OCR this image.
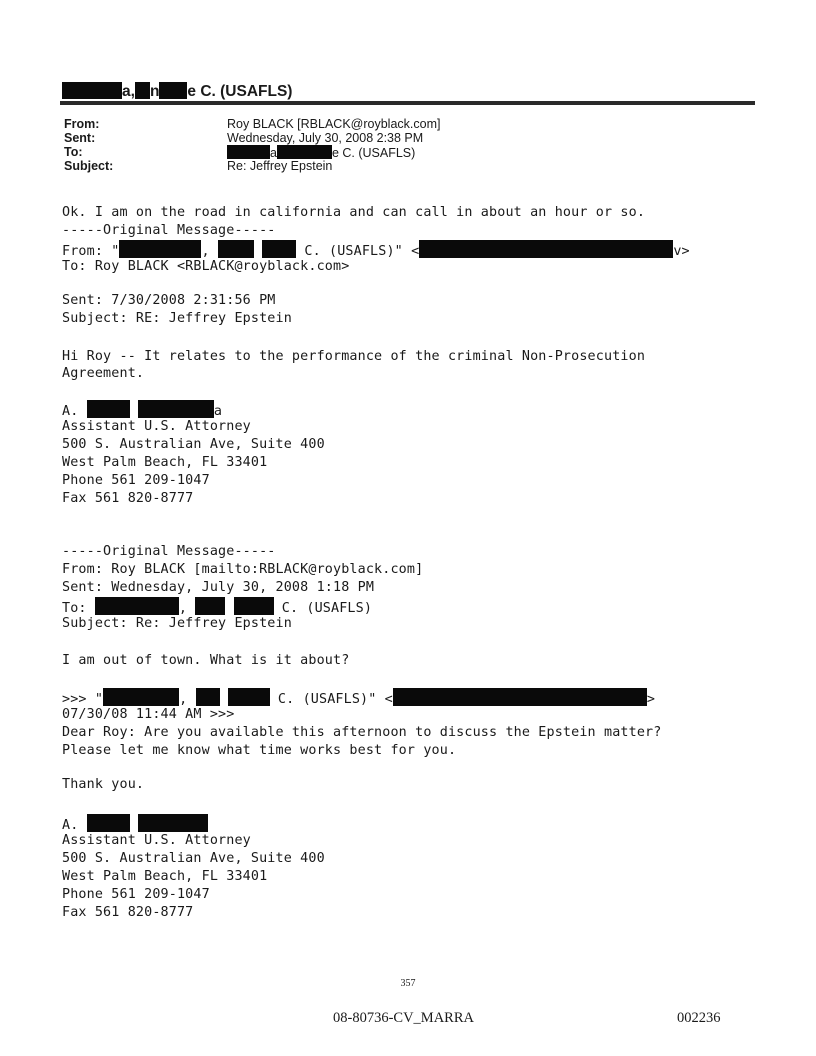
a, n e C. (USAFLS)
From:	Roy BLACK [RBLACK@royblack.com]
Sent:	Wednesday, July 30, 2008 2:38 PM
To:	a	e C. (USAFLS)
Subject:	Re: Jeffrey Epstein
Ok. I am on the road in california and can call in about an hour or so.
-----Original Message-----
From: "	,	C. (USAFLS)" <	v>
To: Roy BLACK <RBLACK@royblack.com>
Sent: 7/30/2008 2:31:56 PM
Subject: RE: Jeffrey Epstein
Hi Roy -- It relates to the performance of the criminal Non-Prosecution
Agreement.
A.	a
Assistant U.S. Attorney
500 S. Australian Ave, Suite 400
West Palm Beach, FL 33401
Phone 561 209-1047
Fax 561 820-8777
-----Original Message-----
From: Roy BLACK [mailto:RBLACK@royblack.com]
Sent: Wednesday, July 30, 2008 1:18 PM
To:	,	C. (USAFLS)
Subject: Re: Jeffrey Epstein
I am out of town. What is it about?
>>> "	,	C. (USAFLS)" <	>
07/30/08 11:44 AM >>>
Dear Roy: Are you available this afternoon to discuss the Epstein matter?
Please let me know what time works best for you.
Thank you.
A.
Assistant U.S. Attorney
500 S. Australian Ave, Suite 400
West Palm Beach, FL 33401
Phone 561 209-1047
Fax 561 820-8777
357
08-80736-CV_MARRA	002236
